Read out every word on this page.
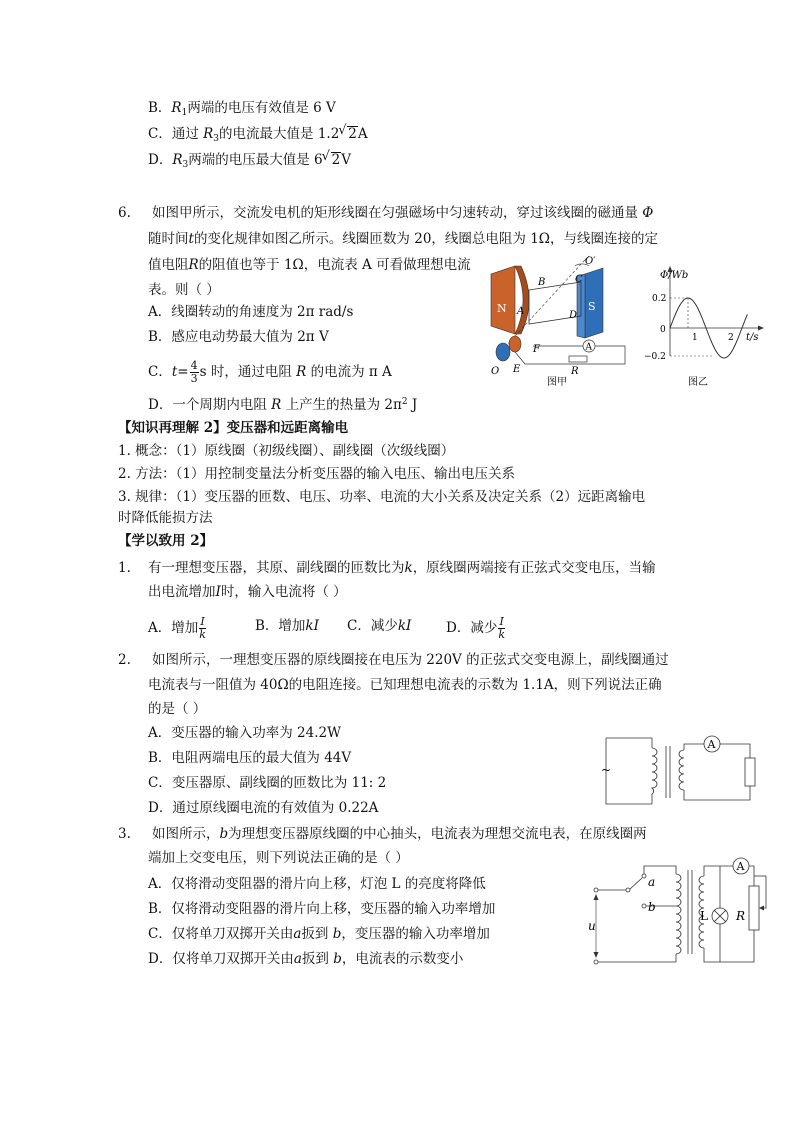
B．$R_1$两端的电压有效值是 6 V
C．通过 $R_3$的电流最大值是 1.2 √ 2A
D．$R_3$两端的电压最大值是 6 √ 2V
6. 如图甲所示，交流发电机的矩形线圈在匀强磁场中匀速转动，穿过该线圈的磁通量 Φ
随时间t的变化规律如图乙所示。线圈匝数为 20，线圈总电阻为 1Ω，与线圈连接的定
值电阻R的阻值也等于 1Ω，电流表 A 可看做理想电流
表。则（ ）
A．线圈转动的角速度为 2π rad/s
B．感应电动势最大值为 2π V
C．$t= \frac{4}{3}$ s 时，通过电阻 R 的电流为 π A
D．一个周期内电阻 R 上产生的热量为 $2\pi^2$ J
N	S
B	C
A	D
O′
O E
F
R
A
图甲
Φ/Wb
t/s
0.2
−0.2
0
1	2
图乙
【知识再理解 2】变压器和远距离输电
1. 概念：（1）原线圈（初级线圈）、副线圈（次级线圈）
2. 方法：（1）用控制变量法分析变压器的输入电压、输出电压关系
3. 规律：（1）变压器的匝数、电压、功率、电流的大小关系及决定关系（2）远距离输电
时降低能损方法
【学以致用 2】
1. 有一理想变压器，其原、副线圈的匝数比为k，原线圈两端接有正弦式交变电压，当输
出电流增加I时，输入电流将（ ）
A．增加 $\frac{I}{k}$	B．增加kI C．减少kI	D．减少 $\frac{I}{k}$
2. 如图所示，一理想变压器的原线圈接在电压为 220V 的正弦式交变电源上，副线圈通过
电流表与一阻值为 40Ω的电阻连接。已知理想电流表的示数为 1.1A，则下列说法正确
的是（ ）
A．变压器的输入功率为 24.2W
B．电阻两端电压的最大值为 44V
C．变压器原、副线圈的匝数比为 11: 2
D．通过原线圈电流的有效值为 0.22A
A
~
3. 如图所示，b为理想变压器原线圈的中心抽头，电流表为理想交流电表，在原线圈两
端加上交变电压，则下列说法正确的是（ ）
A．仅将滑动变阻器的滑片向上移，灯泡 L 的亮度将降低
B．仅将滑动变阻器的滑片向上移，变压器的输入功率增加
C．仅将单刀双掷开关由a扳到 b，变压器的输入功率增加
D．仅将单刀双掷开关由a扳到 b，电流表的示数变小
a
b
u
L R
A
